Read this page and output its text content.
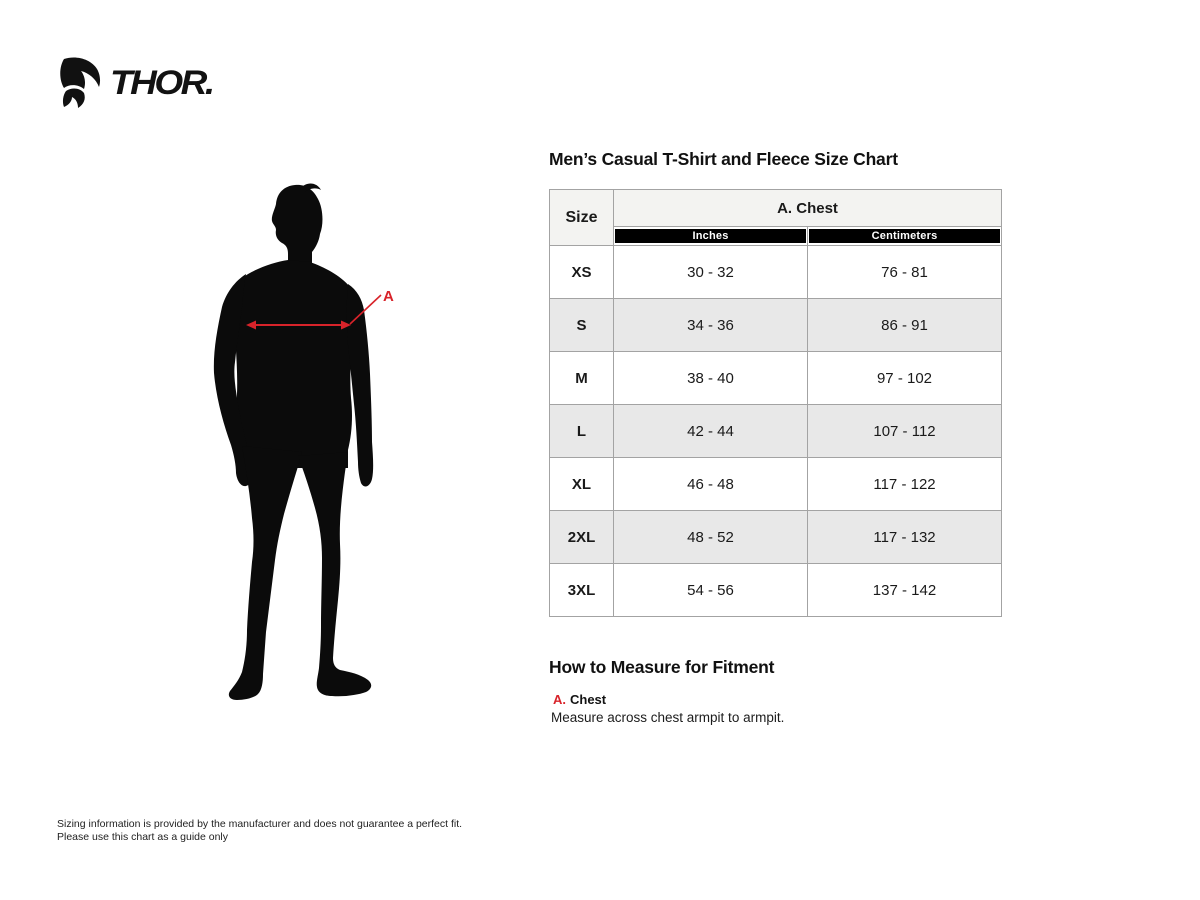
THOR.
A
Men’s Casual T-Shirt and Fleece Size Chart
Size	A. Chest	

	Inches	Centimeters

XS	30 - 32	76 - 81
S	34 - 36	86 - 91
M	38 - 40	97 - 102
L	42 - 44	107 - 112
XL	46 - 48	117 - 122
2XL	48 - 52	117 - 132
3XL	54 - 56	137 - 142
How to Measure for Fitment
A. Chest
Measure across chest armpit to armpit.
Sizing information is provided by the manufacturer and does not guarantee a perfect fit.
Please use this chart as a guide only
